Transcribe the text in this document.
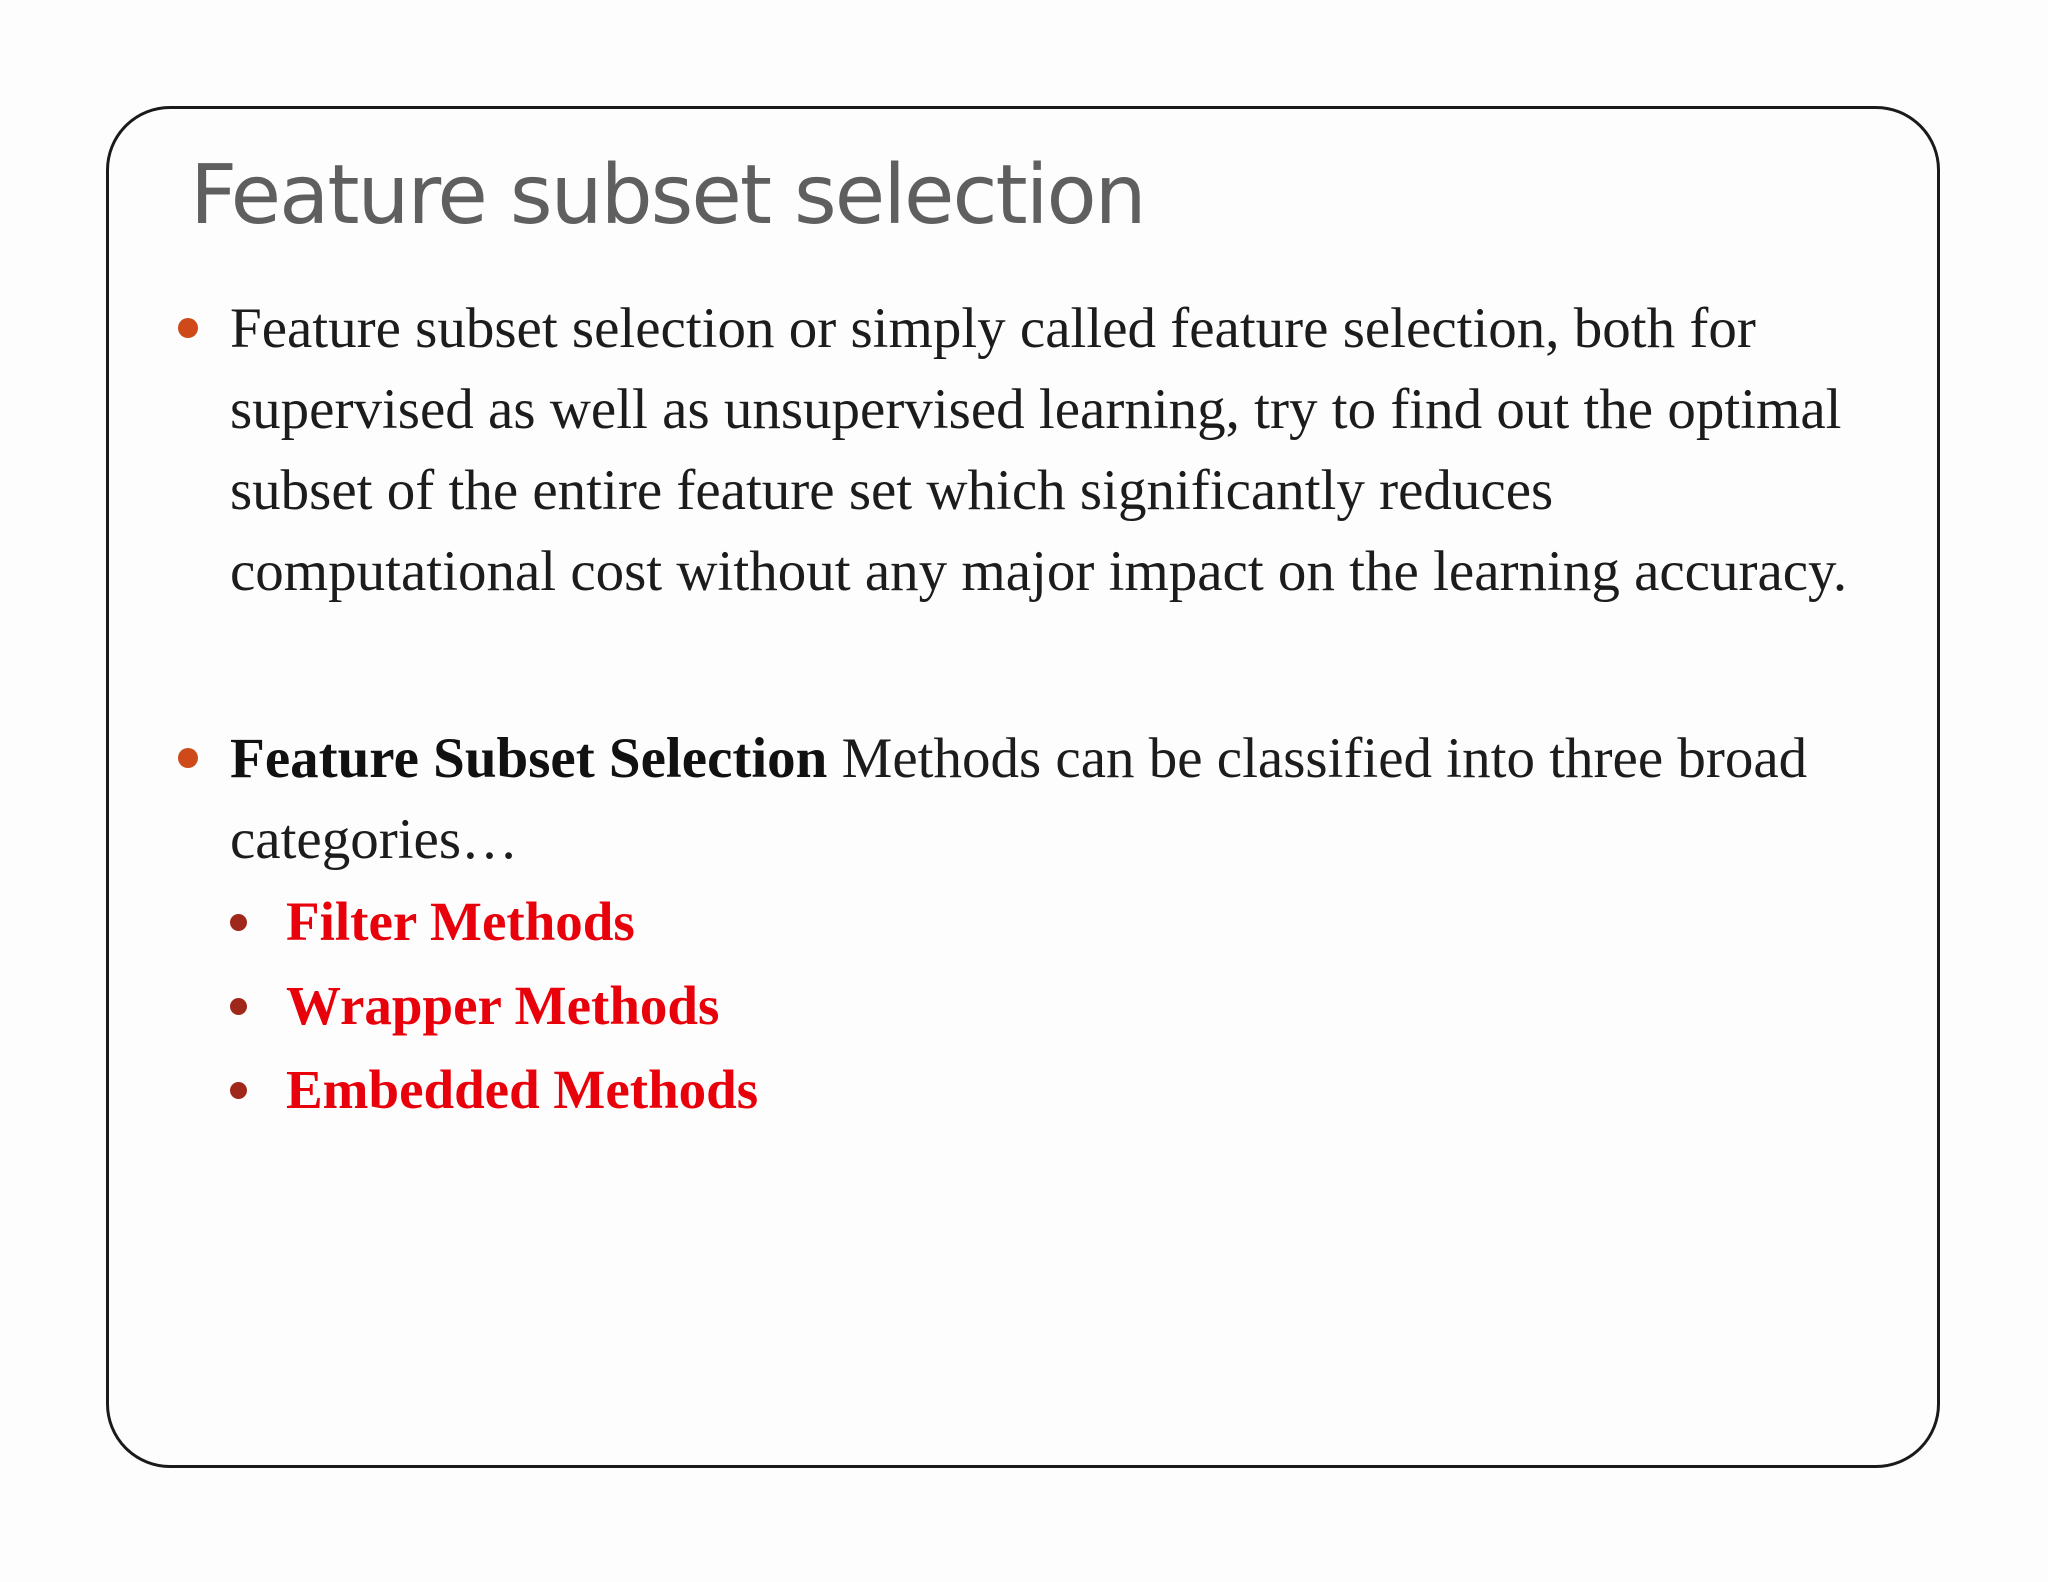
Feature subset selection
Feature subset selection or simply called feature selection, both for supervised as well as unsupervised learning, try to find out the optimal subset of the entire feature set which significantly reduces computational cost without any major impact on the learning accuracy.
Feature Subset Selection Methods can be classified into three broad categories…
Filter Methods
Wrapper Methods
Embedded Methods
